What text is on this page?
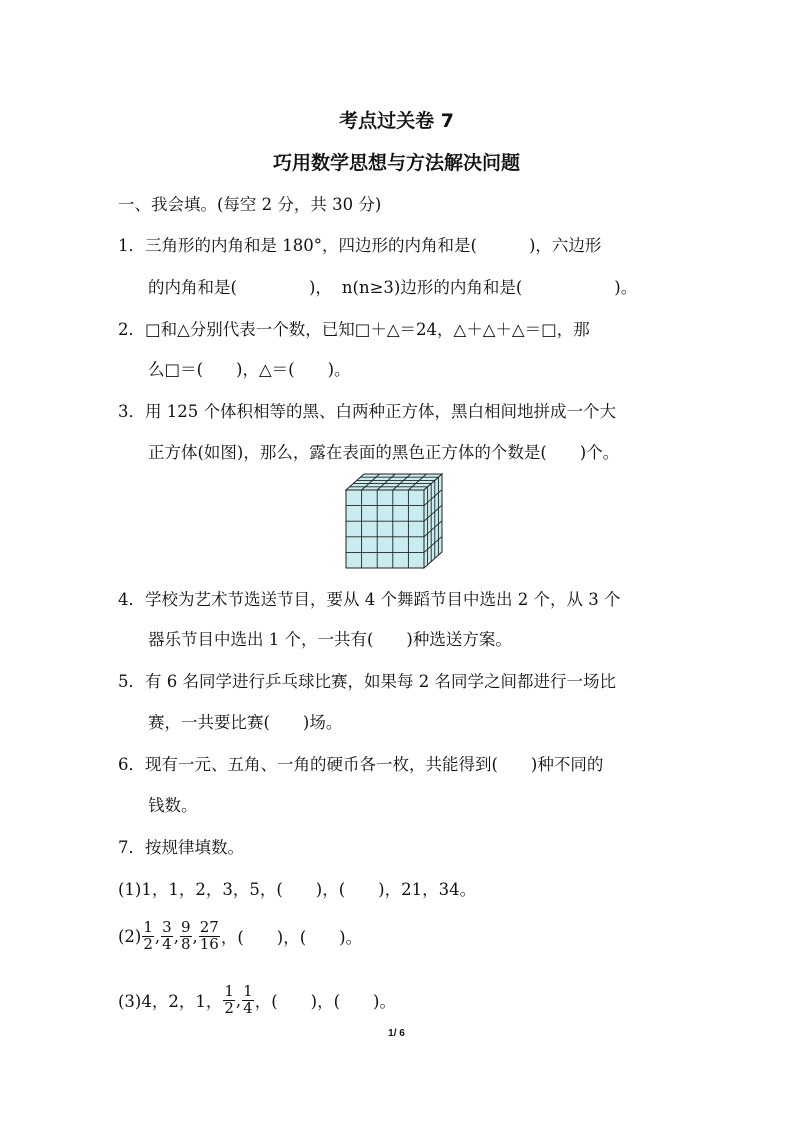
考点过关卷 7
巧用数学思想与方法解决问题
一、我会填。(每空 2 分，共 30 分)
1．三角形的内角和是 180°，四边形的内角和是(	)，六边形
的内角和是(	)， n(n≥3)边形的内角和是(	)。
2．□和△分别代表一个数，已知□＋△＝24，△＋△＋△＝□，那
么□＝(　　)，△＝(　　)。
3．用 125 个体积相等的黑、白两种正方体，黑白相间地拼成一个大
正方体(如图)，那么，露在表面的黑色正方体的个数是(　　)个。
4．学校为艺术节选送节目，要从 4 个舞蹈节目中选出 2 个，从 3 个
器乐节目中选出 1 个，一共有(　　)种选送方案。
5．有 6 名同学进行乒乓球比赛，如果每 2 名同学之间都进行一场比
赛，一共要比赛(　　)场。
6．现有一元、五角、一角的硬币各一枚，共能得到(　　)种不同的
钱数。
7．按规律填数。
(1)1，1，2，3，5，(　　)，(　　)，21，34。
$(2) \frac{1}{2}$ , $\frac{3}{4}$ , $\frac{9}{8}$ , $\frac{27}{16}$ ，(　　)，(　　)。
(3)4，2，1， $\frac{1}{2}$ , $\frac{1}{4}$ ，(　　)，(　　)。
1/ 6
